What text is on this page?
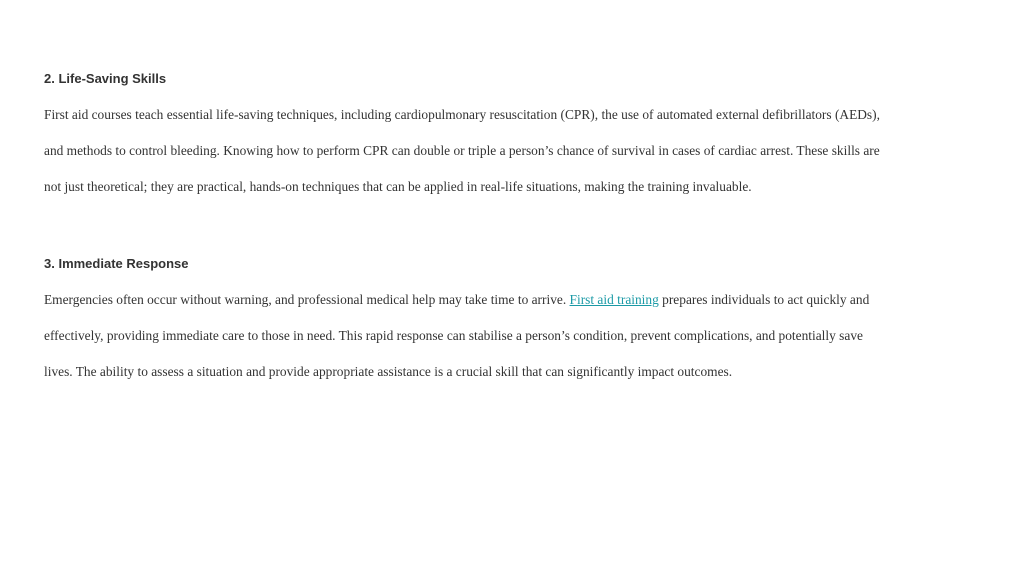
2. Life-Saving Skills

First aid courses teach essential life-saving techniques, including cardiopulmonary resuscitation (CPR), the use of automated external defibrillators (AEDs),
and methods to control bleeding. Knowing how to perform CPR can double or triple a person’s chance of survival in cases of cardiac arrest. These skills are
not just theoretical; they are practical, hands-on techniques that can be applied in real-life situations, making the training invaluable.

3. Immediate Response

Emergencies often occur without warning, and professional medical help may take time to arrive. First aid training prepares individuals to act quickly and
effectively, providing immediate care to those in need. This rapid response can stabilise a person’s condition, prevent complications, and potentially save
lives. The ability to assess a situation and provide appropriate assistance is a crucial skill that can significantly impact outcomes.
